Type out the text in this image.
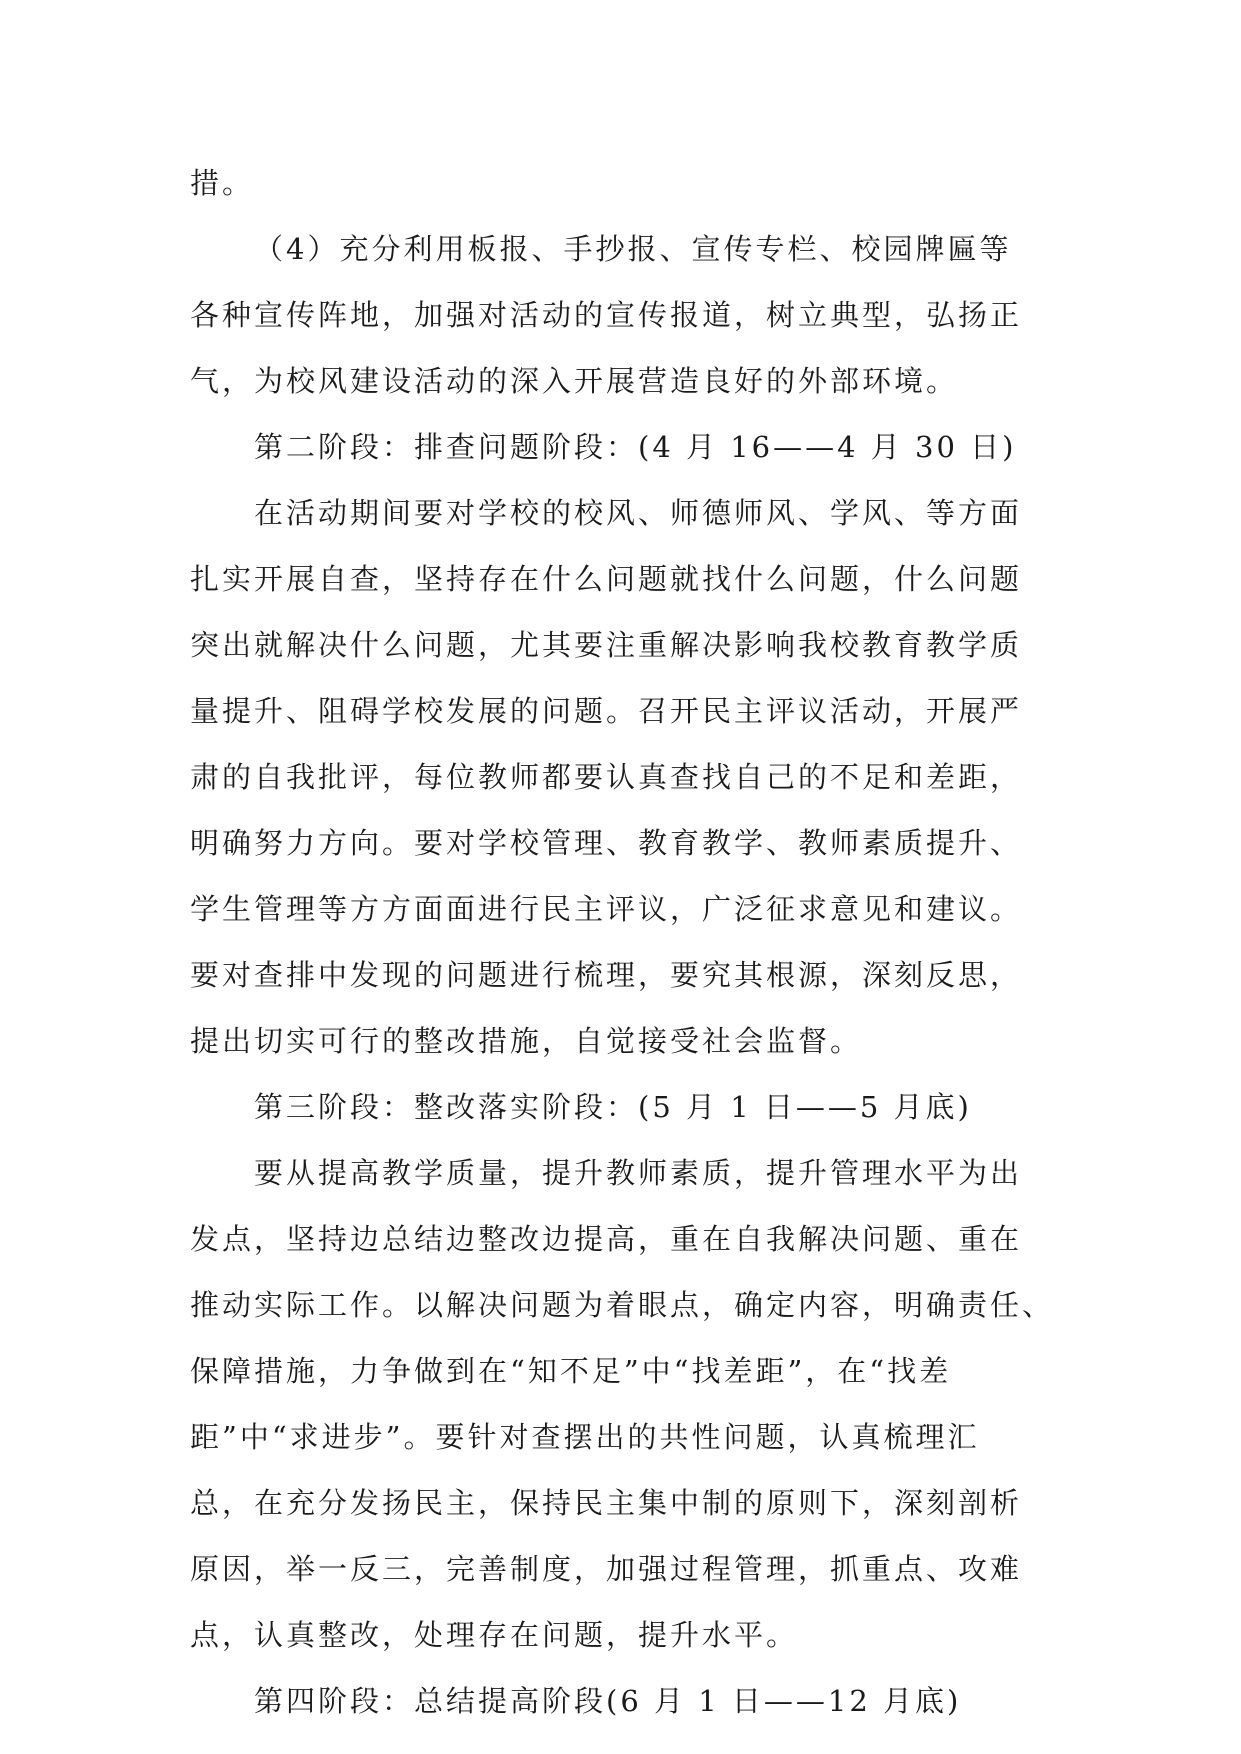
措。
（4）充分利用板报、手抄报、宣传专栏、校园牌匾等
各种宣传阵地，加强对活动的宣传报道，树立典型，弘扬正
气，为校风建设活动的深入开展营造良好的外部环境。
第二阶段：排查问题阶段：(4 月 16——4 月 30 日)
在活动期间要对学校的校风、师德师风、学风、等方面
扎实开展自查，坚持存在什么问题就找什么问题，什么问题
突出就解决什么问题，尤其要注重解决影响我校教育教学质
量提升、阻碍学校发展的问题。召开民主评议活动，开展严
肃的自我批评，每位教师都要认真查找自己的不足和差距，
明确努力方向。要对学校管理、教育教学、教师素质提升、
学生管理等方方面面进行民主评议，广泛征求意见和建议。
要对查排中发现的问题进行梳理，要究其根源，深刻反思，
提出切实可行的整改措施，自觉接受社会监督。
第三阶段：整改落实阶段：(5 月 1 日——5 月底)
要从提高教学质量，提升教师素质，提升管理水平为出
发点，坚持边总结边整改边提高，重在自我解决问题、重在
推动实际工作。以解决问题为着眼点，确定内容，明确责任、
保障措施，力争做到在“知不足”中“找差距”，在“找差
距”中“求进步”。要针对查摆出的共性问题，认真梳理汇
总，在充分发扬民主，保持民主集中制的原则下，深刻剖析
原因，举一反三，完善制度，加强过程管理，抓重点、攻难
点，认真整改，处理存在问题，提升水平。
第四阶段：总结提高阶段(6 月 1 日——12 月底)
